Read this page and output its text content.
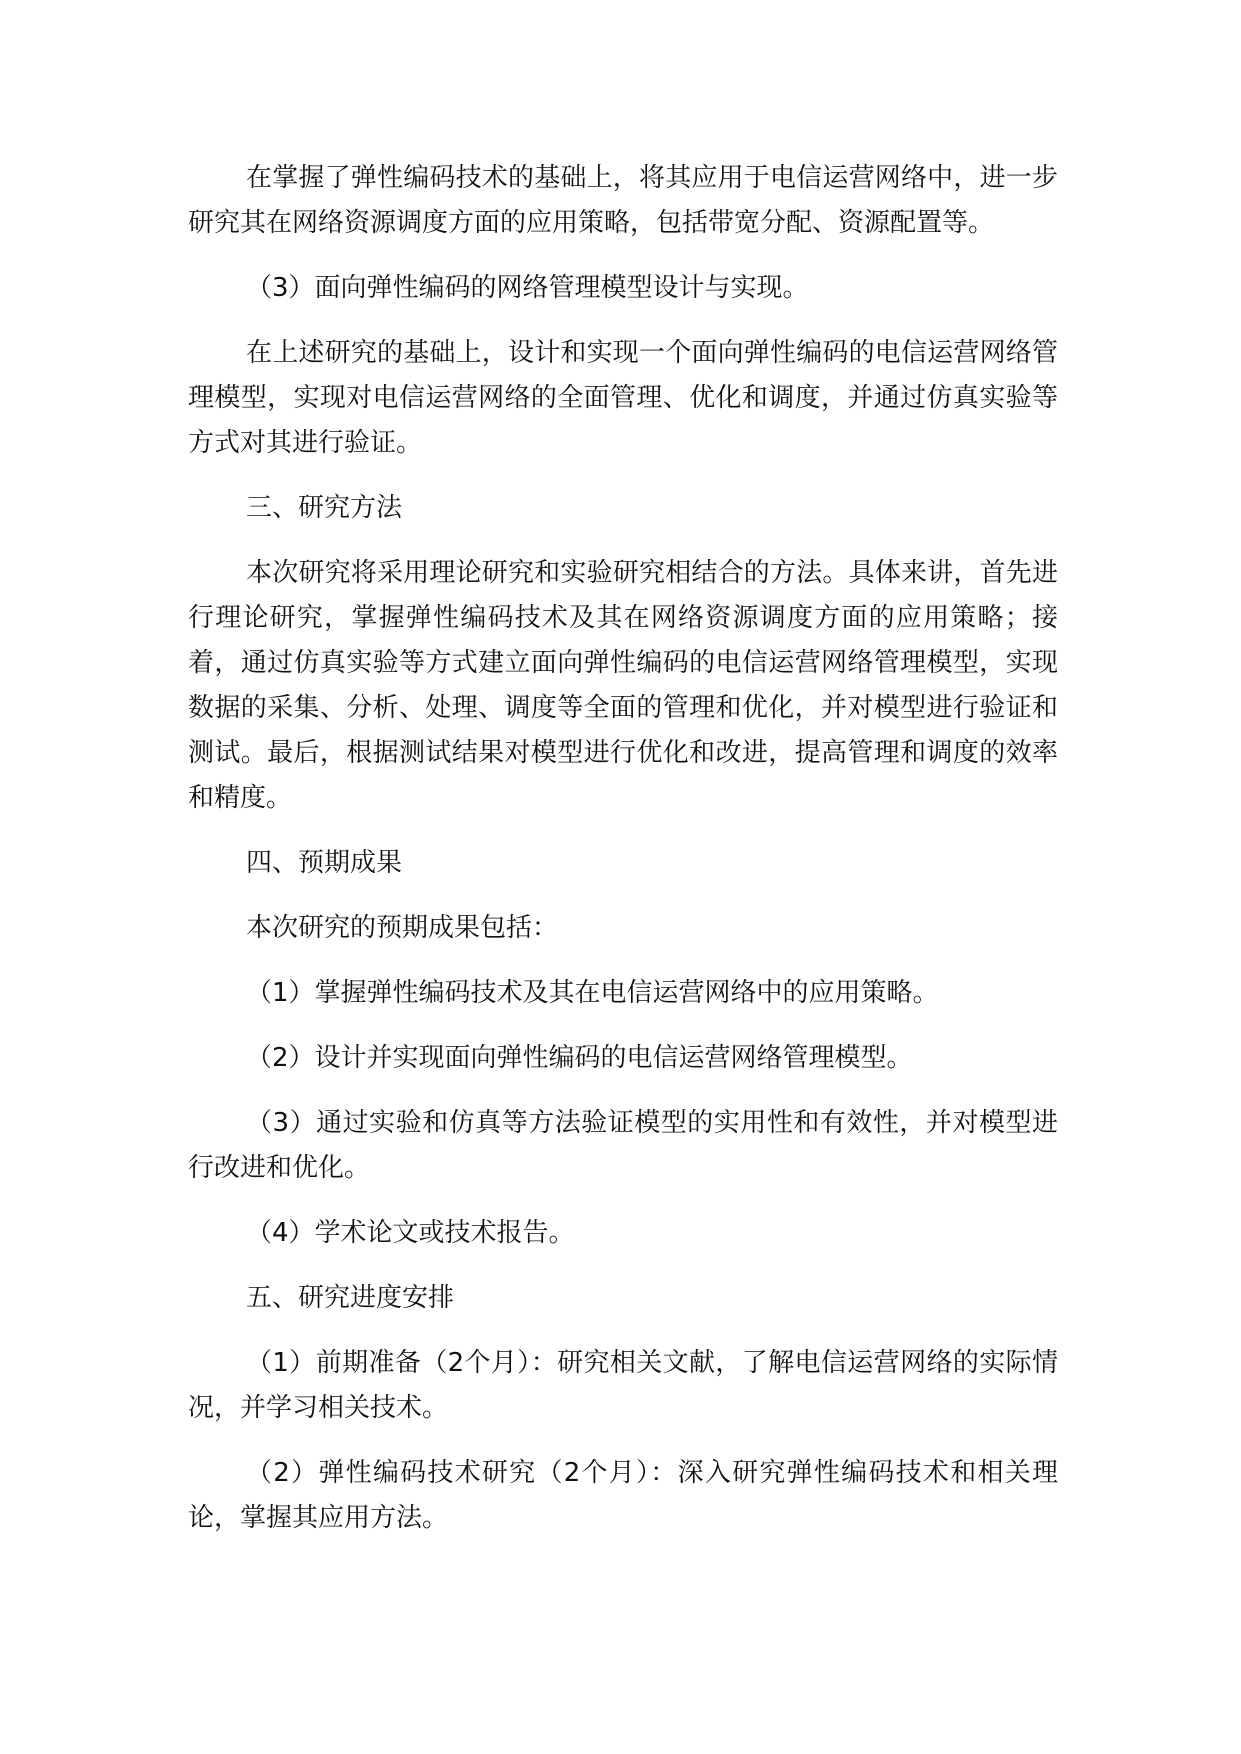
在掌握了弹性编码技术的基础上，将其应用于电信运营网络中，进一步研究其在网络资源调度方面的应用策略，包括带宽分配、资源配置等。

（3）面向弹性编码的网络管理模型设计与实现。

在上述研究的基础上，设计和实现一个面向弹性编码的电信运营网络管理模型，实现对电信运营网络的全面管理、优化和调度，并通过仿真实验等方式对其进行验证。

三、研究方法

本次研究将采用理论研究和实验研究相结合的方法。具体来讲，首先进行理论研究，掌握弹性编码技术及其在网络资源调度方面的应用策略；接着，通过仿真实验等方式建立面向弹性编码的电信运营网络管理模型，实现数据的采集、分析、处理、调度等全面的管理和优化，并对模型进行验证和测试。最后，根据测试结果对模型进行优化和改进，提高管理和调度的效率和精度。

四、预期成果

本次研究的预期成果包括：

（1）掌握弹性编码技术及其在电信运营网络中的应用策略。

（2）设计并实现面向弹性编码的电信运营网络管理模型。

（3）通过实验和仿真等方法验证模型的实用性和有效性，并对模型进行改进和优化。

（4）学术论文或技术报告。

五、研究进度安排

（1）前期准备（2个月）：研究相关文献，了解电信运营网络的实际情况，并学习相关技术。

（2）弹性编码技术研究（2个月）：深入研究弹性编码技术和相关理论，掌握其应用方法。
